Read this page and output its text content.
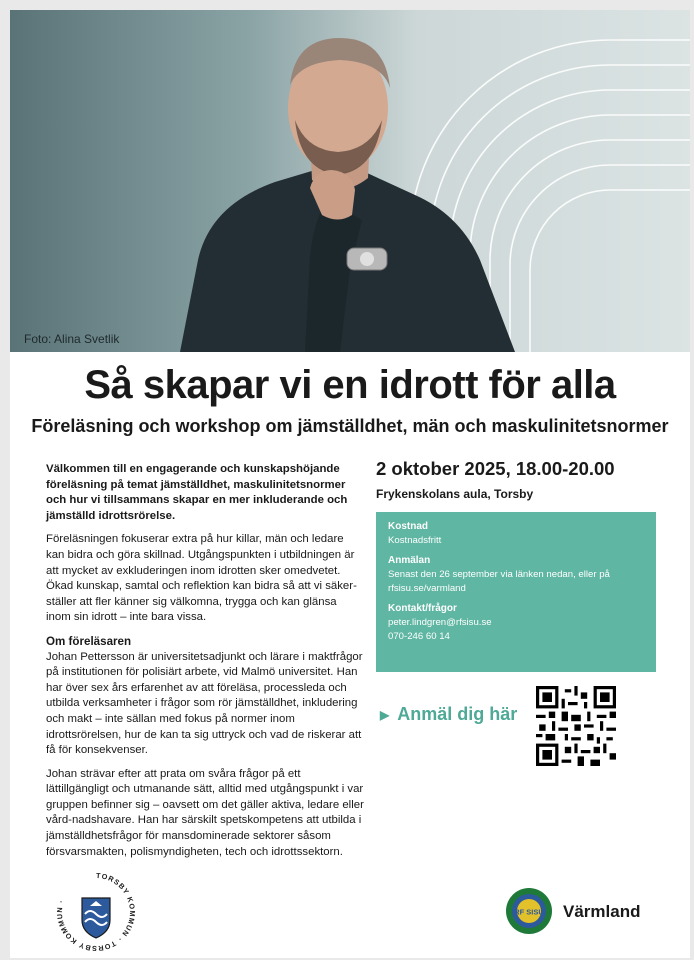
Foto: Alina Svetlik
Så skapar vi en idrott för alla
Föreläsning och workshop om jämställdhet, män och maskulinitetsnormer

Välkommen till en engagerande och kunskapshöjande föreläsning på temat jämställdhet, maskulinitetsnormer och hur vi tillsammans skapar en mer inkluderande och jämställd idrottsrörelse.

Föreläsningen fokuserar extra på hur killar, män och ledare kan bidra och göra skillnad. Utgångspunkten i utbildningen är att mycket av exkluderingen inom idrotten sker omedvetet. Ökad kunskap, samtal och reflektion kan bidra så att vi säker-ställer att fler känner sig välkomna, trygga och kan glänsa inom sin idrott – inte bara vissa.

Om föreläsaren

Johan Pettersson är universitetsadjunkt och lärare i maktfrågor på institutionen för polisiärt arbete, vid Malmö universitet. Han har över sex års erfarenhet av att föreläsa, processleda och utbilda verksamheter i frågor som rör jämställdhet, inkludering och makt – inte sällan med fokus på normer inom idrottsrörelsen, hur de kan ta sig uttryck och vad de riskerar att få för konsekvenser.

Johan strävar efter att prata om svåra frågor på ett lättillgängligt och utmanande sätt, alltid med utgångspunkt i var gruppen befinner sig – oavsett om det gäller aktiva, ledare eller vård-nadshavare. Han har särskilt spetskompetens att utbilda i jämställdhetsfrågor för mansdominerade sektorer såsom försvarsmakten, polismyndigheten, tech och idrottssektorn.

2 oktober 2025, 18.00-20.00

Frykenskolans aula, Torsby

Kostnad
Kostnadsfritt
Anmälan
Senast den 26 september via länken nedan, eller på
rfsisu.se/varmland
Kontakt/frågor
peter.lindgren@rfsisu.se
070-246 60 14
▶ Anmäl dig här
TORSBY KOMMUN · TORSBY KOMMUN ·
RF SISU Värmland
